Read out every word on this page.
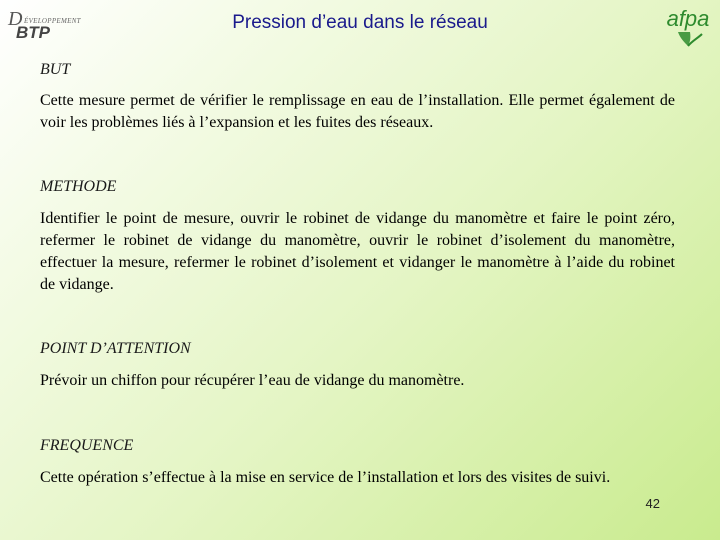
D ÉVELOPPEMENT
BTP	Pression d’eau dans le réseau	afpa
BUT
Cette mesure permet de vérifier le remplissage en eau de l’installation. Elle permet également de voir les problèmes liés à l’expansion et les fuites des réseaux.
METHODE
Identifier le point de mesure, ouvrir le robinet de vidange du manomètre et faire le point zéro, refermer le robinet de vidange du manomètre, ouvrir le robinet d’isolement du manomètre, effectuer la mesure, refermer le robinet d’isolement et vidanger le manomètre à l’aide du robinet de vidange.
POINT D’ATTENTION
Prévoir un chiffon pour récupérer l’eau de vidange du manomètre.
FREQUENCE
Cette opération s’effectue à la mise en service de l’installation et lors des visites de suivi.
42
